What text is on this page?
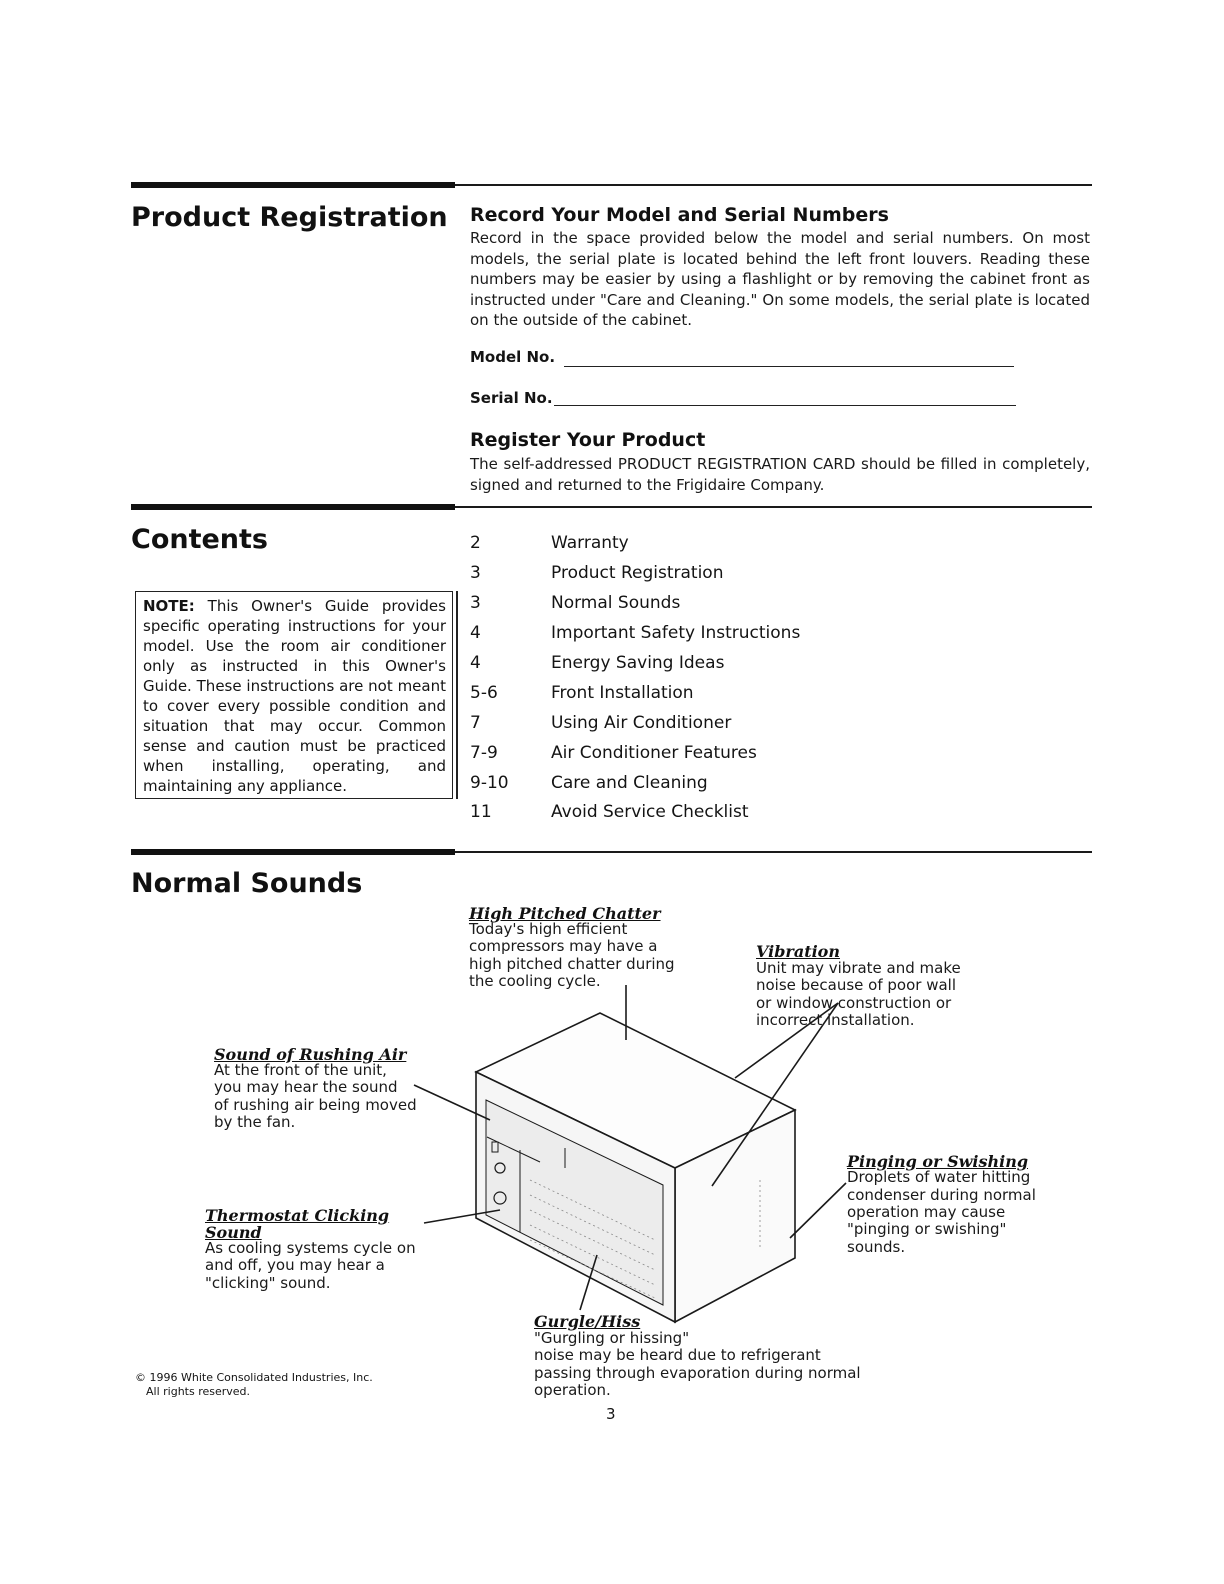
Product Registration Record Your Model and Serial Numbers
Record in the space provided below the model and serial numbers. On most models, the serial plate is located behind the left front louvers. Reading these numbers may be easier by using a flashlight or by removing the cabinet front as instructed under "Care and Cleaning." On some models, the serial plate is located on the outside of the cabinet.
Model No.
Serial No.
Register Your Product
The self-addressed PRODUCT REGISTRATION CARD should be filled in completely, signed and returned to the Frigidaire Company.
Contents
NOTE: This Owner's Guide provides specific operating instructions for your model. Use the room air conditioner only as instructed in this Owner's Guide. These instructions are not meant to cover every possible condition and situation that may occur. Common sense and caution must be practiced when installing, operating, and maintaining any appliance.
2	Warranty
3	Product Registration
3	Normal Sounds
4	Important Safety Instructions
4	Energy Saving Ideas
5-6	Front Installation
7	Using Air Conditioner
7-9	Air Conditioner Features
9-10 Care and Cleaning
11	Avoid Service Checklist
Normal Sounds
High Pitched Chatter
Today's high efficient
compressors may have a
high pitched chatter during
the cooling cycle.
Vibration
Unit may vibrate and make
noise because of poor wall
or window construction or
incorrect installation.
Sound of Rushing Air
At the front of the unit,
you may hear the sound
of rushing air being moved
by the fan.
Thermostat Clicking
Sound
As cooling systems cycle on
and off, you may hear a
"clicking" sound.
Pinging or Swishing
Droplets of water hitting
condenser during normal
operation may cause
"pinging or swishing"
sounds.
Gurgle/Hiss
"Gurgling or hissing"
noise may be heard due to refrigerant
passing through evaporation during normal
operation.
© 1996 White Consolidated Industries, Inc.
All rights reserved.
3
